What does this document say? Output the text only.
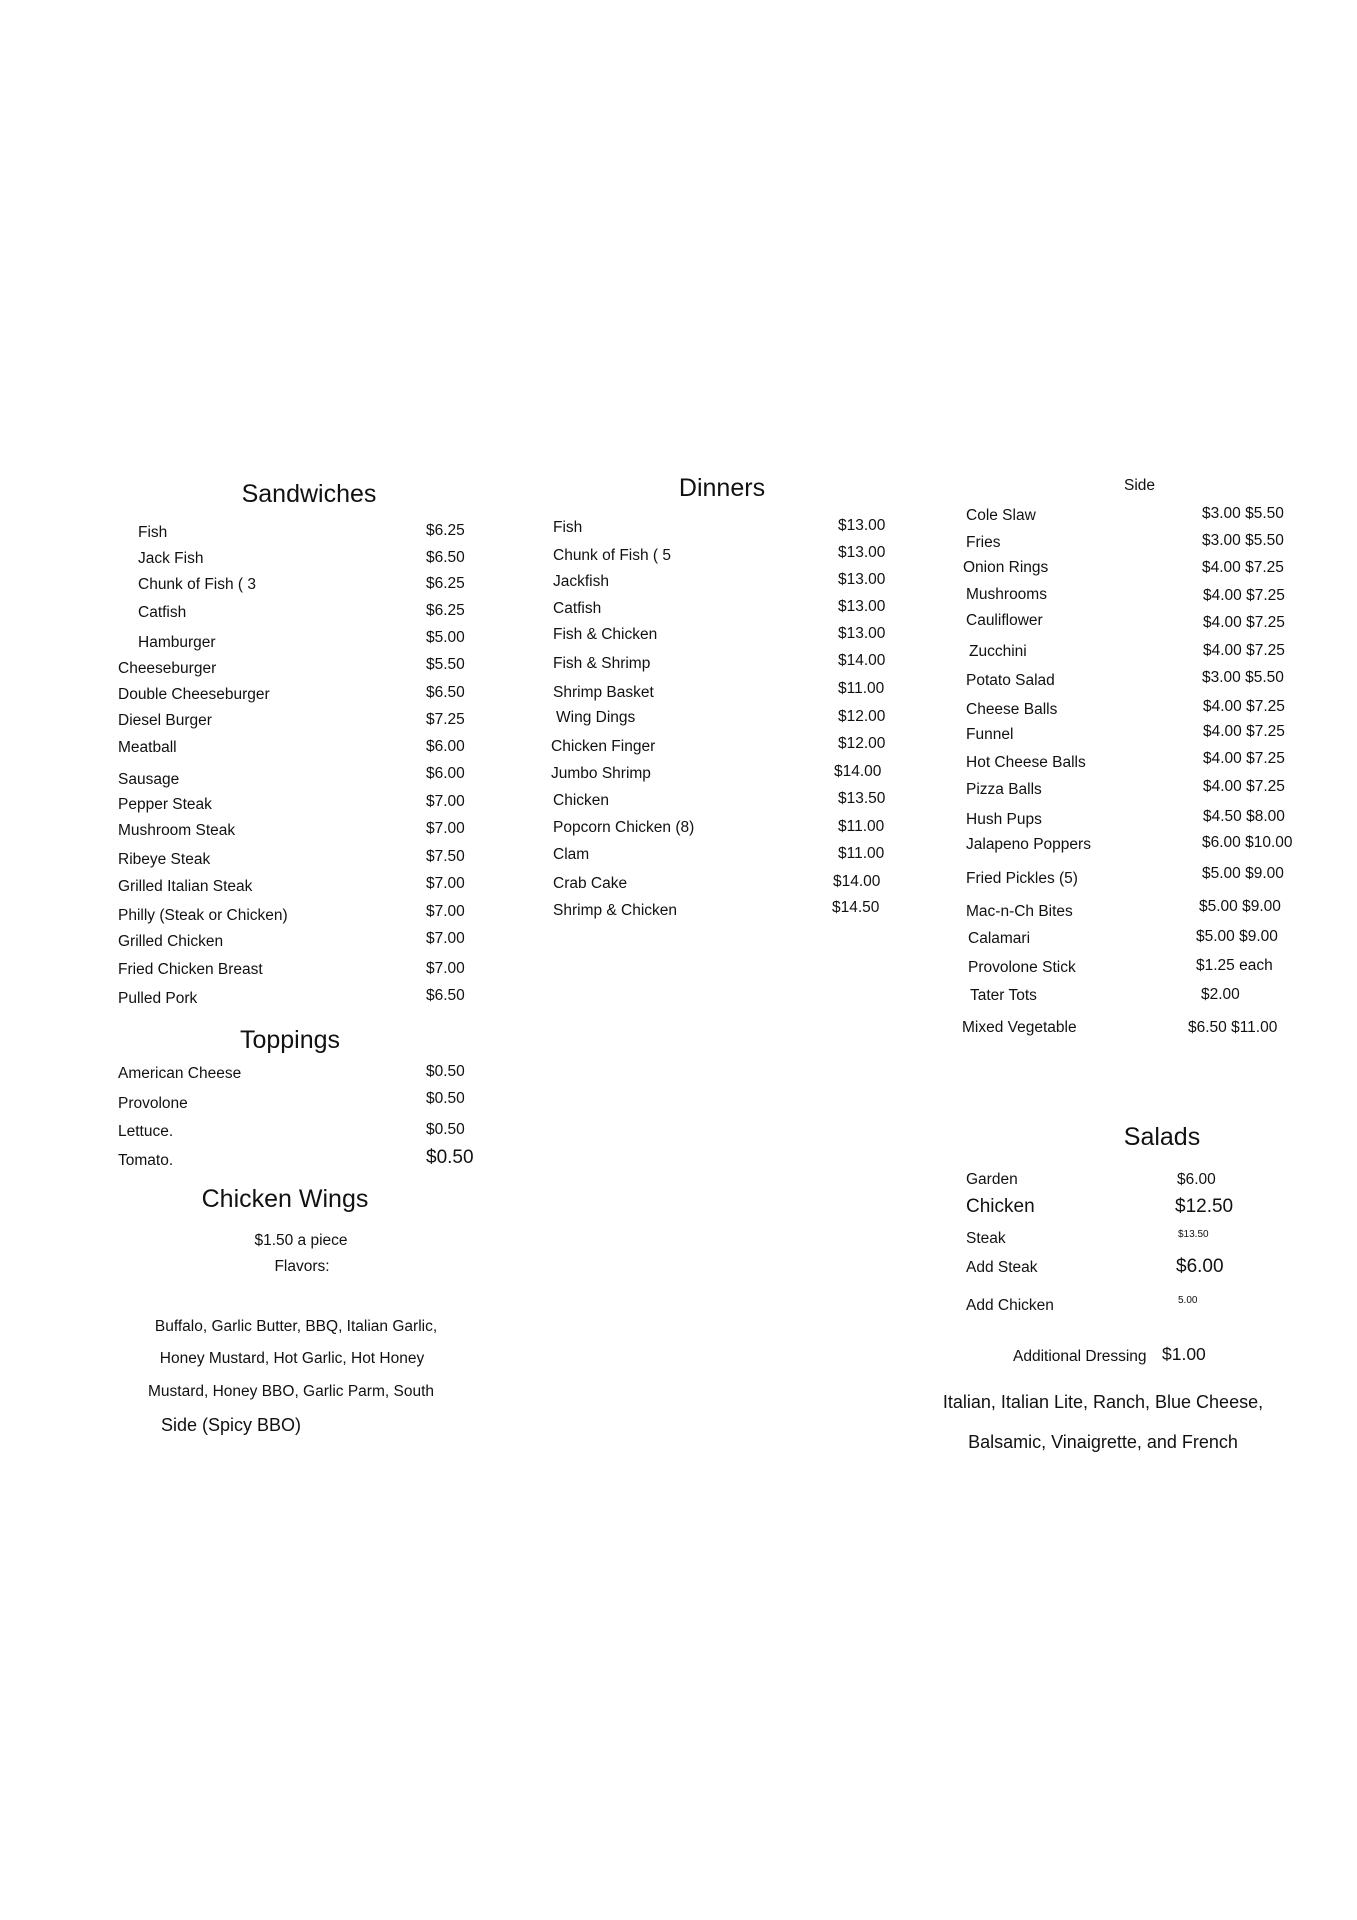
Sandwiches
Fish	$6.25
Jack Fish	$6.50
Chunk of Fish ( 3	$6.25
Catfish	$6.25
Hamburger	$5.00
Cheeseburger	$5.50
Double Cheeseburger	$6.50
Diesel Burger	$7.25
Meatball	$6.00
Sausage	$6.00
Pepper Steak	$7.00
Mushroom Steak	$7.00
Ribeye Steak	$7.50
Grilled Italian Steak	$7.00
Philly (Steak or Chicken)	$7.00
Grilled Chicken	$7.00
Fried Chicken Breast	$7.00
Pulled Pork	$6.50
Toppings
American Cheese	$0.50
Provolone	$0.50
Lettuce.	$0.50
Tomato.	$0.50
Chicken Wings
$1.50 a piece
Flavors:
Buffalo, Garlic Butter, BBQ, Italian Garlic,
Honey Mustard, Hot Garlic, Hot Honey
Mustard, Honey BBO, Garlic Parm, South
Side (Spicy BBO)
Dinners
Fish	$13.00
Chunk of Fish ( 5	$13.00
Jackfish	$13.00
Catfish	$13.00
Fish & Chicken	$13.00
Fish & Shrimp	$14.00
Shrimp Basket	$11.00
Wing Dings	$12.00
Chicken Finger	$12.00
Jumbo Shrimp	$14.00
Chicken	$13.50
Popcorn Chicken (8)	$11.00
Clam	$11.00
Crab Cake	$14.00
Shrimp & Chicken	$14.50
Side
Cole Slaw	$3.00 $5.50
Fries	$3.00 $5.50
Onion Rings	$4.00 $7.25
Mushrooms	$4.00 $7.25
Cauliflower	$4.00 $7.25
Zucchini	$4.00 $7.25
Potato Salad	$3.00 $5.50
Cheese Balls	$4.00 $7.25
Funnel	$4.00 $7.25
Hot Cheese Balls	$4.00 $7.25
Pizza Balls	$4.00 $7.25
Hush Pups	$4.50 $8.00
Jalapeno Poppers	$6.00 $10.00
Fried Pickles (5)	$5.00 $9.00
Mac-n-Ch Bites	$5.00 $9.00
Calamari	$5.00 $9.00
Provolone Stick	$1.25 each
Tater Tots	$2.00
Mixed Vegetable	$6.50 $11.00
Salads
Garden	$6.00
Chicken	$12.50
Steak	$13.50
Add Steak	$6.00
Add Chicken	5.00
Additional Dressing $1.00
Italian, Italian Lite, Ranch, Blue Cheese,
Balsamic, Vinaigrette, and French
